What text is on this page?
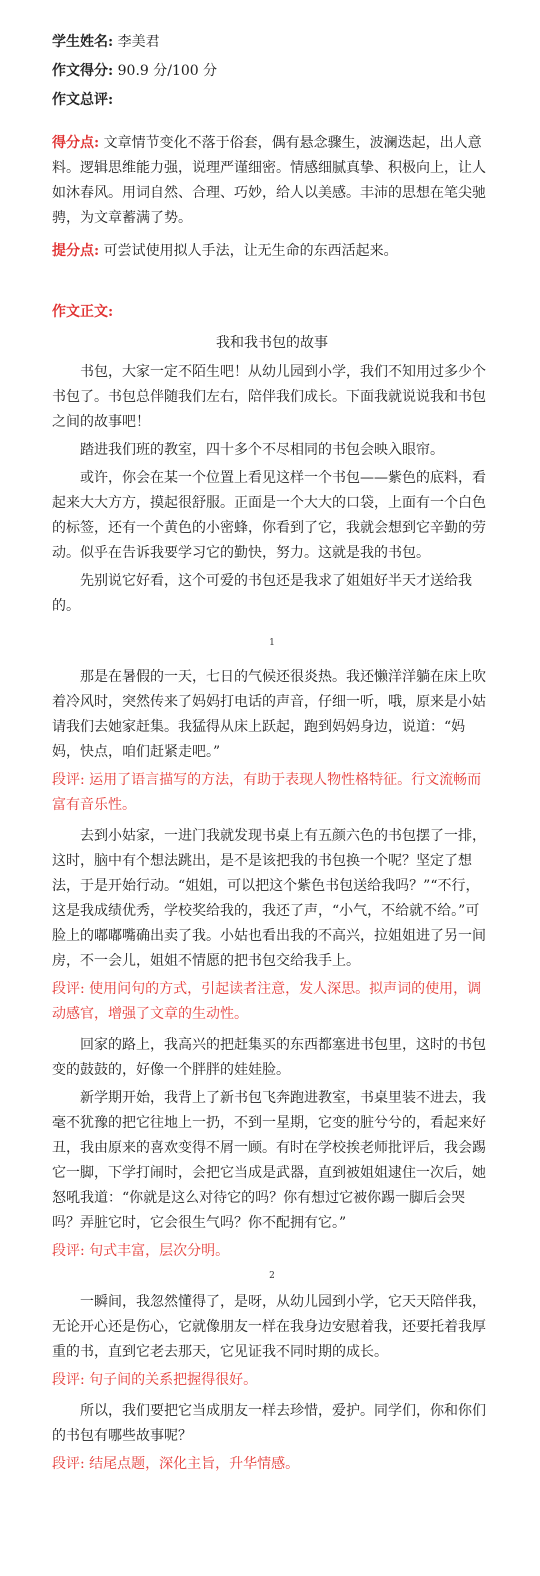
学生姓名: 李美君

作文得分: 90.9 分/100 分

作文总评:

得分点: 文章情节变化不落于俗套，偶有悬念骤生，波澜迭起，出人意料。逻辑思维能力强，说理严谨细密。情感细腻真挚、积极向上，让人如沐春风。用词自然、合理、巧妙，给人以美感。丰沛的思想在笔尖驰骋，为文章蓄满了势。

提分点: 可尝试使用拟人手法，让无生命的东西活起来。

作文正文:

我和我书包的故事

书包，大家一定不陌生吧！从幼儿园到小学，我们不知用过多少个书包了。书包总伴随我们左右，陪伴我们成长。下面我就说说我和书包之间的故事吧！

踏进我们班的教室，四十多个不尽相同的书包会映入眼帘。

或许，你会在某一个位置上看见这样一个书包——紫色的底料，看起来大大方方，摸起很舒服。正面是一个大大的口袋，上面有一个白色的标签，还有一个黄色的小密蜂，你看到了它，我就会想到它辛勤的劳动。似乎在告诉我要学习它的勤快，努力。这就是我的书包。

先别说它好看，这个可爱的书包还是我求了姐姐好半天才送给我的。

1

那是在暑假的一天，七日的气候还很炎热。我还懒洋洋躺在床上吹着冷风时，突然传来了妈妈打电话的声音，仔细一听，哦，原来是小姑请我们去她家赶集。我猛得从床上跃起，跑到妈妈身边，说道：“妈妈，快点，咱们赶紧走吧。”

段评: 运用了语言描写的方法，有助于表现人物性格特征。行文流畅而富有音乐性。

去到小姑家，一进门我就发现书桌上有五颜六色的书包摆了一排，这时，脑中有个想法跳出，是不是该把我的书包换一个呢？坚定了想法，于是开始行动。“姐姐，可以把这个紫色书包送给我吗？”“不行，这是我成绩优秀，学校奖给我的，我还了声，“小气，不给就不给。”可脸上的嘟嘟嘴确出卖了我。小姑也看出我的不高兴，拉姐姐进了另一间房，不一会儿，姐姐不情愿的把书包交给我手上。

段评: 使用问句的方式，引起读者注意，发人深思。拟声词的使用，调动感官，增强了文章的生动性。

回家的路上，我高兴的把赶集买的东西都塞进书包里，这时的书包变的鼓鼓的，好像一个胖胖的娃娃脸。

新学期开始，我背上了新书包飞奔跑进教室，书桌里装不进去，我毫不犹豫的把它往地上一扔，不到一星期，它变的脏兮兮的，看起来好丑，我由原来的喜欢变得不屑一顾。有时在学校挨老师批评后，我会踢它一脚，下学打闹时，会把它当成是武器，直到被姐姐逮住一次后，她怒吼我道：“你就是这么对待它的吗？你有想过它被你踢一脚后会哭吗？弄脏它时，它会很生气吗？你不配拥有它。”

段评: 句式丰富，层次分明。

2

一瞬间，我忽然懂得了，是呀，从幼儿园到小学，它天天陪伴我，无论开心还是伤心，它就像朋友一样在我身边安慰着我，还要托着我厚重的书，直到它老去那天，它见证我不同时期的成长。

段评: 句子间的关系把握得很好。

所以，我们要把它当成朋友一样去珍惜，爱护。同学们，你和你们的书包有哪些故事呢？

段评: 结尾点题，深化主旨，升华情感。
